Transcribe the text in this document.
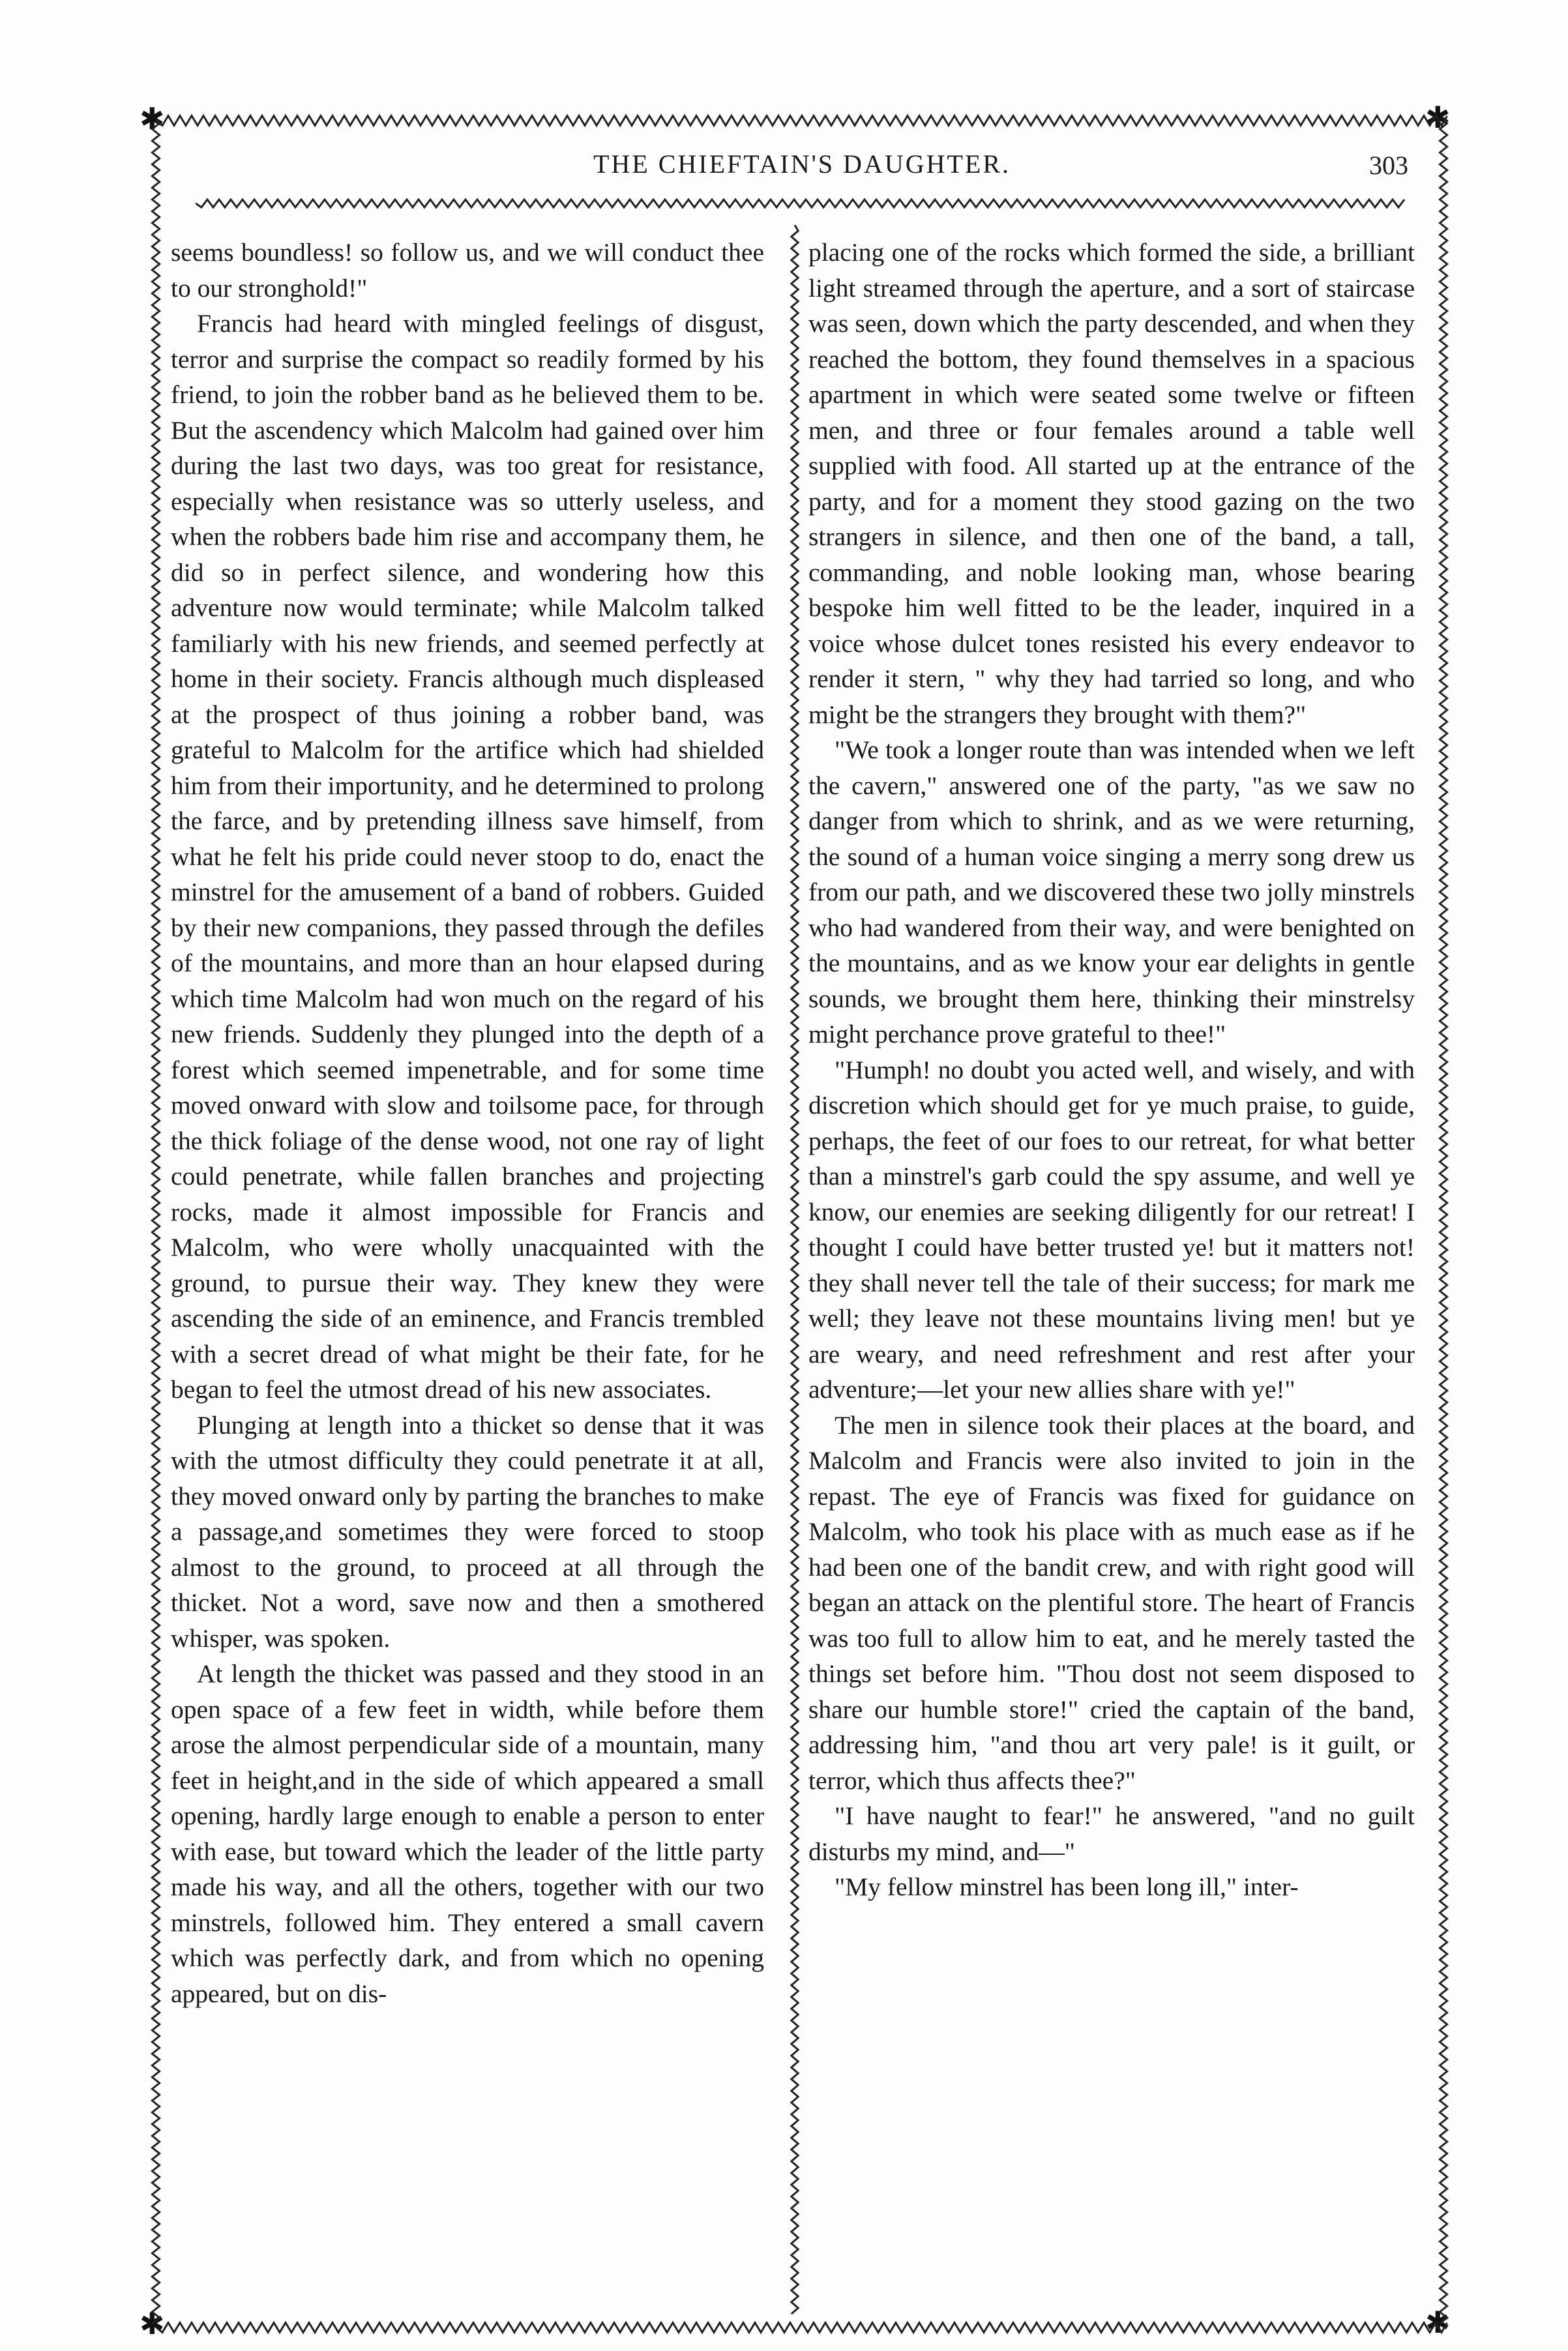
✱	✱
✱	✱
THE CHIEFTAIN'S DAUGHTER.	303

seems boundless! so follow us, and we will conduct thee to our stronghold!"

Francis had heard with mingled feelings of disgust, terror and surprise the compact so readily formed by his friend, to join the robber band as he believed them to be. But the ascendency which Malcolm had gained over him during the last two days, was too great for resistance, especially when resistance was so utterly useless, and when the robbers bade him rise and accompany them, he did so in perfect silence, and wondering how this adventure now would terminate; while Malcolm talked familiarly with his new friends, and seemed perfectly at home in their society. Francis although much displeased at the prospect of thus joining a robber band, was grateful to Malcolm for the artifice which had shielded him from their importunity, and he determined to prolong the farce, and by pretending illness save himself, from what he felt his pride could never stoop to do, enact the minstrel for the amusement of a band of robbers. Guided by their new companions, they passed through the defiles of the mountains, and more than an hour elapsed during which time Malcolm had won much on the regard of his new friends. Suddenly they plunged into the depth of a forest which seemed impenetrable, and for some time moved onward with slow and toilsome pace, for through the thick foliage of the dense wood, not one ray of light could penetrate, while fallen branches and projecting rocks, made it almost impossible for Francis and Malcolm, who were wholly unacquainted with the ground, to pursue their way. They knew they were ascending the side of an eminence, and Francis trembled with a secret dread of what might be their fate, for he began to feel the utmost dread of his new associates.

Plunging at length into a thicket so dense that it was with the utmost difficulty they could penetrate it at all, they moved onward only by parting the branches to make a passage,and sometimes they were forced to stoop almost to the ground, to proceed at all through the thicket. Not a word, save now and then a smothered whisper, was spoken.

At length the thicket was passed and they stood in an open space of a few feet in width, while before them arose the almost perpendicular side of a mountain, many feet in height,and in the side of which appeared a small opening, hardly large enough to enable a person to enter with ease, but toward which the leader of the little party made his way, and all the others, together with our two minstrels, followed him. They entered a small cavern which was perfectly dark, and from which no opening appeared, but on dis-

placing one of the rocks which formed the side, a brilliant light streamed through the aperture, and a sort of staircase was seen, down which the party descended, and when they reached the bottom, they found themselves in a spacious apartment in which were seated some twelve or fifteen men, and three or four females around a table well supplied with food. All started up at the entrance of the party, and for a moment they stood gazing on the two strangers in silence, and then one of the band, a tall, commanding, and noble looking man, whose bearing bespoke him well fitted to be the leader, inquired in a voice whose dulcet tones resisted his every endeavor to render it stern, " why they had tarried so long, and who might be the strangers they brought with them?"

"We took a longer route than was intended when we left the cavern," answered one of the party, "as we saw no danger from which to shrink, and as we were returning, the sound of a human voice singing a merry song drew us from our path, and we discovered these two jolly minstrels who had wandered from their way, and were benighted on the mountains, and as we know your ear delights in gentle sounds, we brought them here, thinking their minstrelsy might perchance prove grateful to thee!"

"Humph! no doubt you acted well, and wisely, and with discretion which should get for ye much praise, to guide, perhaps, the feet of our foes to our retreat, for what better than a minstrel's garb could the spy assume, and well ye know, our enemies are seeking diligently for our retreat! I thought I could have better trusted ye! but it matters not! they shall never tell the tale of their success; for mark me well; they leave not these mountains living men! but ye are weary, and need refreshment and rest after your adventure;—let your new allies share with ye!"

The men in silence took their places at the board, and Malcolm and Francis were also invited to join in the repast. The eye of Francis was fixed for guidance on Malcolm, who took his place with as much ease as if he had been one of the bandit crew, and with right good will began an attack on the plentiful store. The heart of Francis was too full to allow him to eat, and he merely tasted the things set before him. "Thou dost not seem disposed to share our humble store!" cried the captain of the band, addressing him, "and thou art very pale! is it guilt, or terror, which thus affects thee?"

"I have naught to fear!" he answered, "and no guilt disturbs my mind, and—"

"My fellow minstrel has been long ill," inter-
